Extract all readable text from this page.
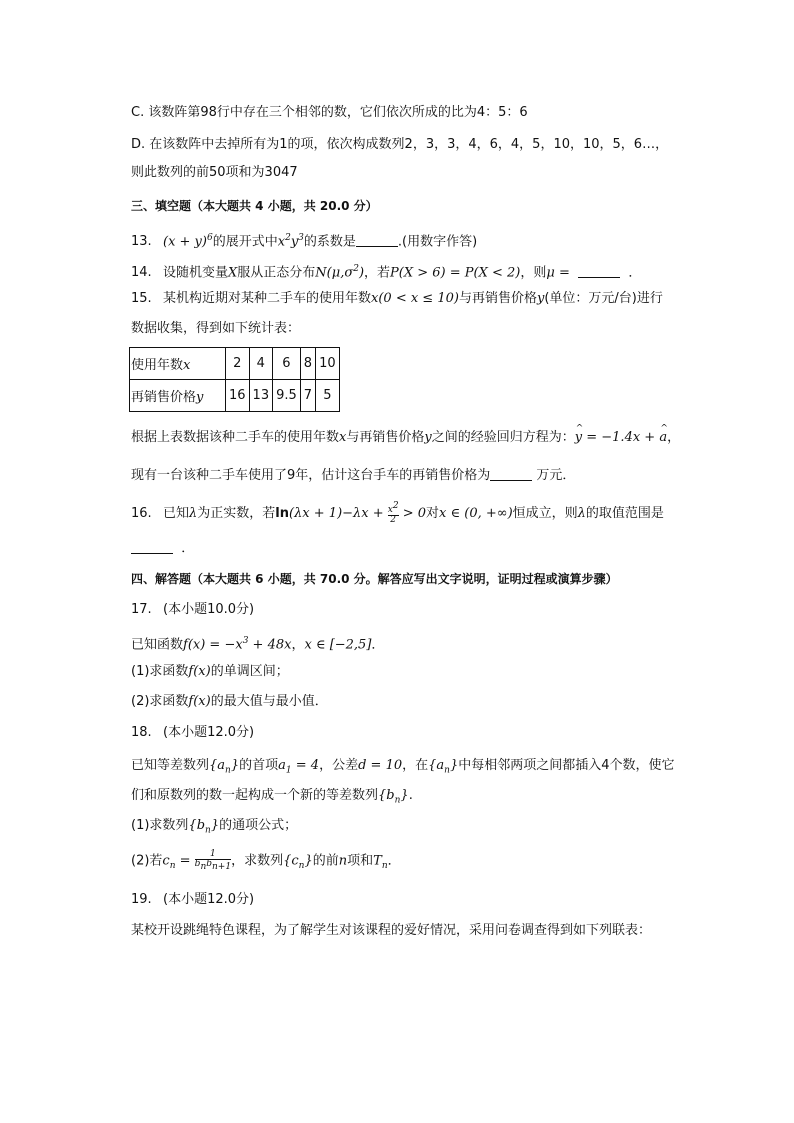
C. 该数阵第98行中存在三个相邻的数，它们依次所成的比为4：5：6
D. 在该数阵中去掉所有为1的项，依次构成数列2，3，3，4，6，4，5，10，10，5，6…，
则此数列的前50项和为3047
三、填空题（本大题共 4 小题，共 20.0 分）
13. $(x + y)^6$的展开式中$x^2y^3$的系数是	.(用数字作答)
14. 设随机变量X服从正态分布$N(\mu,\sigma^2)$，若P(X > 6) = P(X < 2)，则μ =	．
15. 某机构近期对某种二手车的使用年数x(0 < x ≤ 10)与再销售价格y(单位：万元/台)进行
数据收集，得到如下统计表：
使用年数x	2	4	6	8	10
再销售价格y	16	13	9.5	7	5
根据上表数据该种二手车的使用年数x与再销售价格y之间的经验回归方程为：^ y = −1.4x + ^ a，
现有一台该种二手车使用了9年，估计这台手车的再销售价格为	万元．
16. 已知λ为正实数，若$\ln(\lambda x + 1)-\lambda x + \frac{x^2}{2} > 0$对x ∈ (0, +∞)恒成立，则λ的取值范围是
．
四、解答题（本大题共 6 小题，共 70.0 分。解答应写出文字说明，证明过程或演算步骤）
17. (本小题10.0分)
已知函数$f(x) = -x^3 + 48x$，x ∈ [−2,5]．
(1)求函数f(x)的单调区间；
(2)求函数f(x)的最大值与最小值．
18. (本小题12.0分)
已知等差数列$\{a_n\}$的首项$a_1 = 4$，公差d = 10，在$\{a_n\}$中每相邻两项之间都插入4个数，使它
们和原数列的数一起构成一个新的等差数列$\{b_n\}$.
(1)求数列$\{b_n\}$的通项公式；
(2)若$c_n = \frac{1}{b_nb_{n+1}}$ ，求数列$\{c_n\}$的前n项和$T_n$．
19. (本小题12.0分)
某校开设跳绳特色课程，为了解学生对该课程的爱好情况，采用问卷调查得到如下列联表：
